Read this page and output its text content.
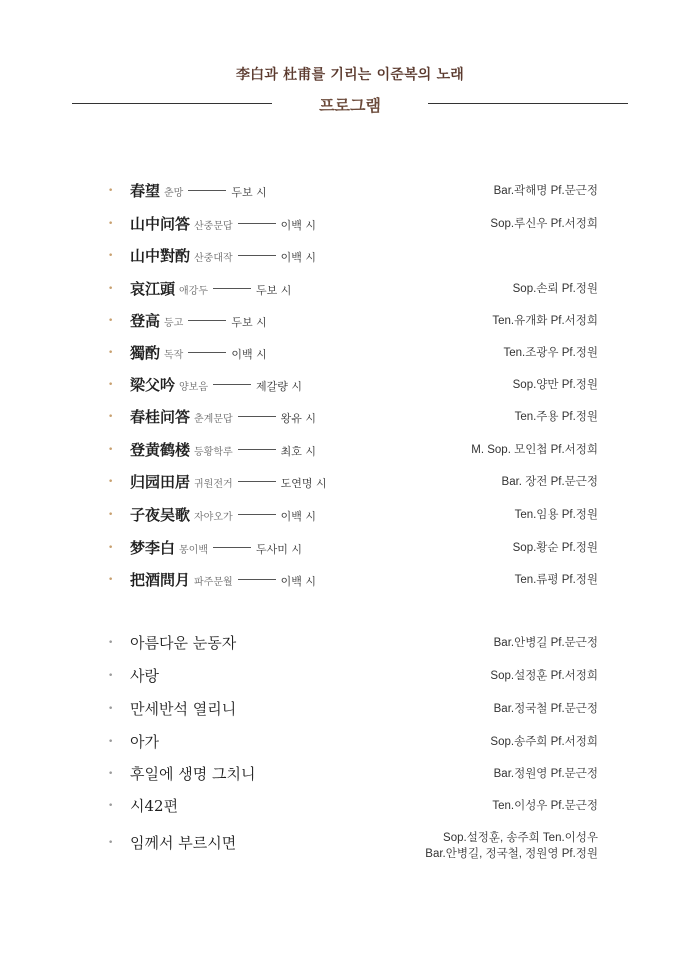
李白과 杜甫를 기리는 이준복의 노래
프로그램
• 春望 춘망	두보 시	Bar.곽해명 Pf.문근정
• 山中问答 산중문답	이백 시	Sop.루신우 Pf.서정희
• 山中對酌 산중대작	이백 시
• 哀江頭 애강두	두보 시	Sop.손뢰 Pf.정원
• 登高 등고	두보 시	Ten.유개화 Pf.서정희
• 獨酌 독작	이백 시	Ten.조광우 Pf.정원
• 梁父吟 양보음	제갈량 시	Sop.양만 Pf.정원
• 春桂问答 춘계문답	왕유 시	Ten.주용 Pf.정원
• 登黄鹤楼 등황학루	최호 시	M. Sop. 모인첩 Pf.서정희
• 归园田居 귀원전거	도연명 시	Bar. 장전 Pf.문근정
• 子夜吴歌 자야오가	이백 시	Ten.임용 Pf.정원
• 梦李白 몽이백	두사미 시	Sop.황순 Pf.정원
• 把酒問月 파주문월	이백 시	Ten.류평 Pf.정원
• 아름다운 눈동자	Bar.안병길 Pf.문근정
• 사랑	Sop.설정훈 Pf.서정희
• 만세반석 열리니	Bar.정국철 Pf.문근정
• 아가	Sop.송주희 Pf.서정희
• 후일에 생명 그치니	Bar.정원영 Pf.문근정
• 시42편	Ten.이성우 Pf.문근정
• 임께서 부르시면	Sop.설정훈, 송주희 Ten.이성우
Bar.안병길, 정국철, 정원영 Pf.정원
